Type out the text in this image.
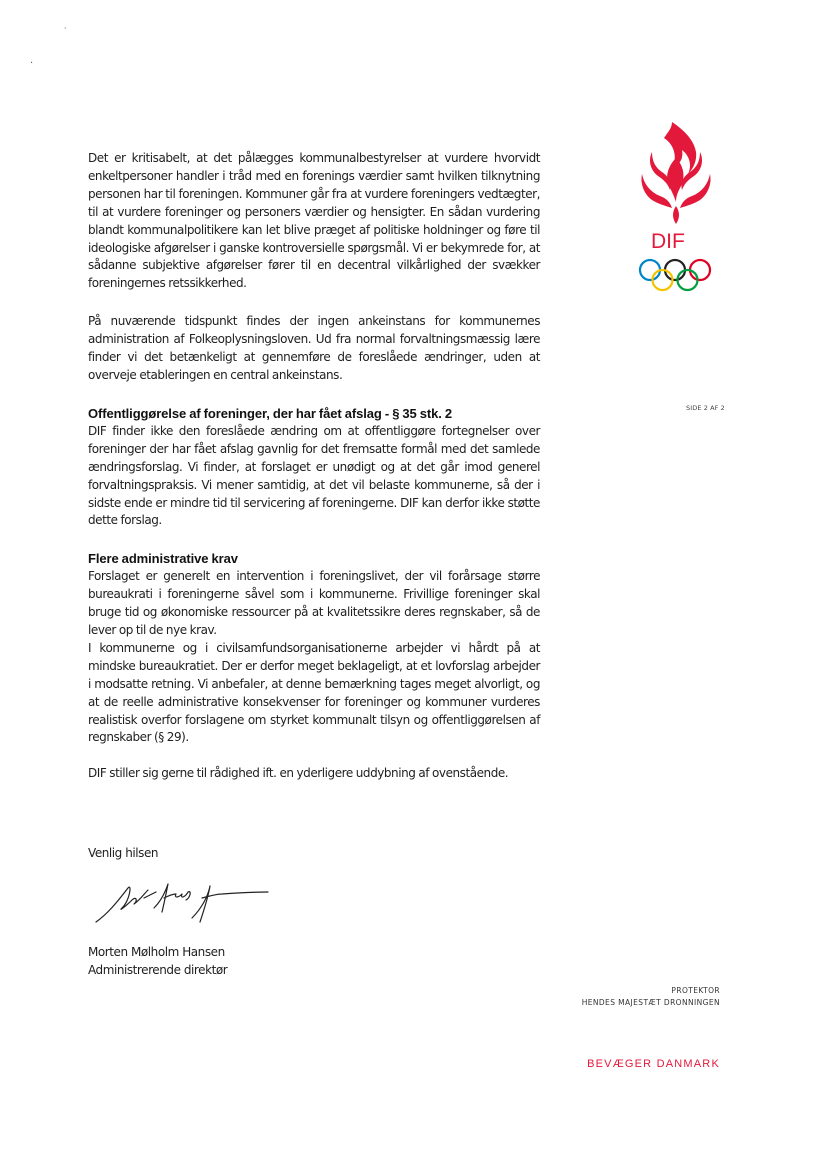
·
·

Det er kritisabelt, at det pålægges kommunalbestyrelser at vurdere hvorvidt enkeltpersoner handler i tråd med en forenings værdier samt hvilken tilknytning personen har til foreningen. Kommuner går fra at vurdere foreningers vedtægter, til at vurdere foreninger og personers værdier og hensigter. En sådan vurdering blandt kommunalpolitikere kan let blive præget af politiske holdninger og føre til ideologiske afgørelser i ganske kontroversielle spørgsmål. Vi er bekymrede for, at sådanne subjektive afgørelser fører til en decentral vilkårlighed der svækker foreningernes retssikkerhed.

På nuværende tidspunkt findes der ingen ankeinstans for kommunernes administration af Folkeoplysningsloven. Ud fra normal forvaltningsmæssig lære finder vi det betænkeligt at gennemføre de foreslåede ændringer, uden at overveje etableringen en central ankeinstans.

Offentliggørelse af foreninger, der har fået afslag - § 35 stk. 2

DIF finder ikke den foreslåede ændring om at offentliggøre fortegnelser over foreninger der har fået afslag gavnlig for det fremsatte formål med det samlede ændringsforslag. Vi finder, at forslaget er unødigt og at det går imod generel forvaltningspraksis. Vi mener samtidig, at det vil belaste kommunerne, så der i sidste ende er mindre tid til servicering af foreningerne. DIF kan derfor ikke støtte dette forslag.

Flere administrative krav

Forslaget er generelt en intervention i foreningslivet, der vil forårsage større bureaukrati i foreningerne såvel som i kommunerne. Frivillige foreninger skal bruge tid og økonomiske ressourcer på at kvalitetssikre deres regnskaber, så de lever op til de nye krav.

I kommunerne og i civilsamfundsorganisationerne arbejder vi hårdt på at mindske bureaukratiet. Der er derfor meget beklageligt, at et lovforslag arbejder i modsatte retning. Vi anbefaler, at denne bemærkning tages meget alvorligt, og at de reelle administrative konsekvenser for foreninger og kommuner vurderes realistisk overfor forslagene om styrket kommunalt tilsyn og offentliggørelsen af regnskaber (§ 29).

DIF stiller sig gerne til rådighed ift. en yderligere uddybning af ovenstående.

Venlig hilsen
Morten Mølholm Hansen
Administrerende direktør
DIF
SIDE 2 AF 2
PROTEKTOR
HENDES MAJESTÆT DRONNINGEN
BEVÆGER DANMARK
